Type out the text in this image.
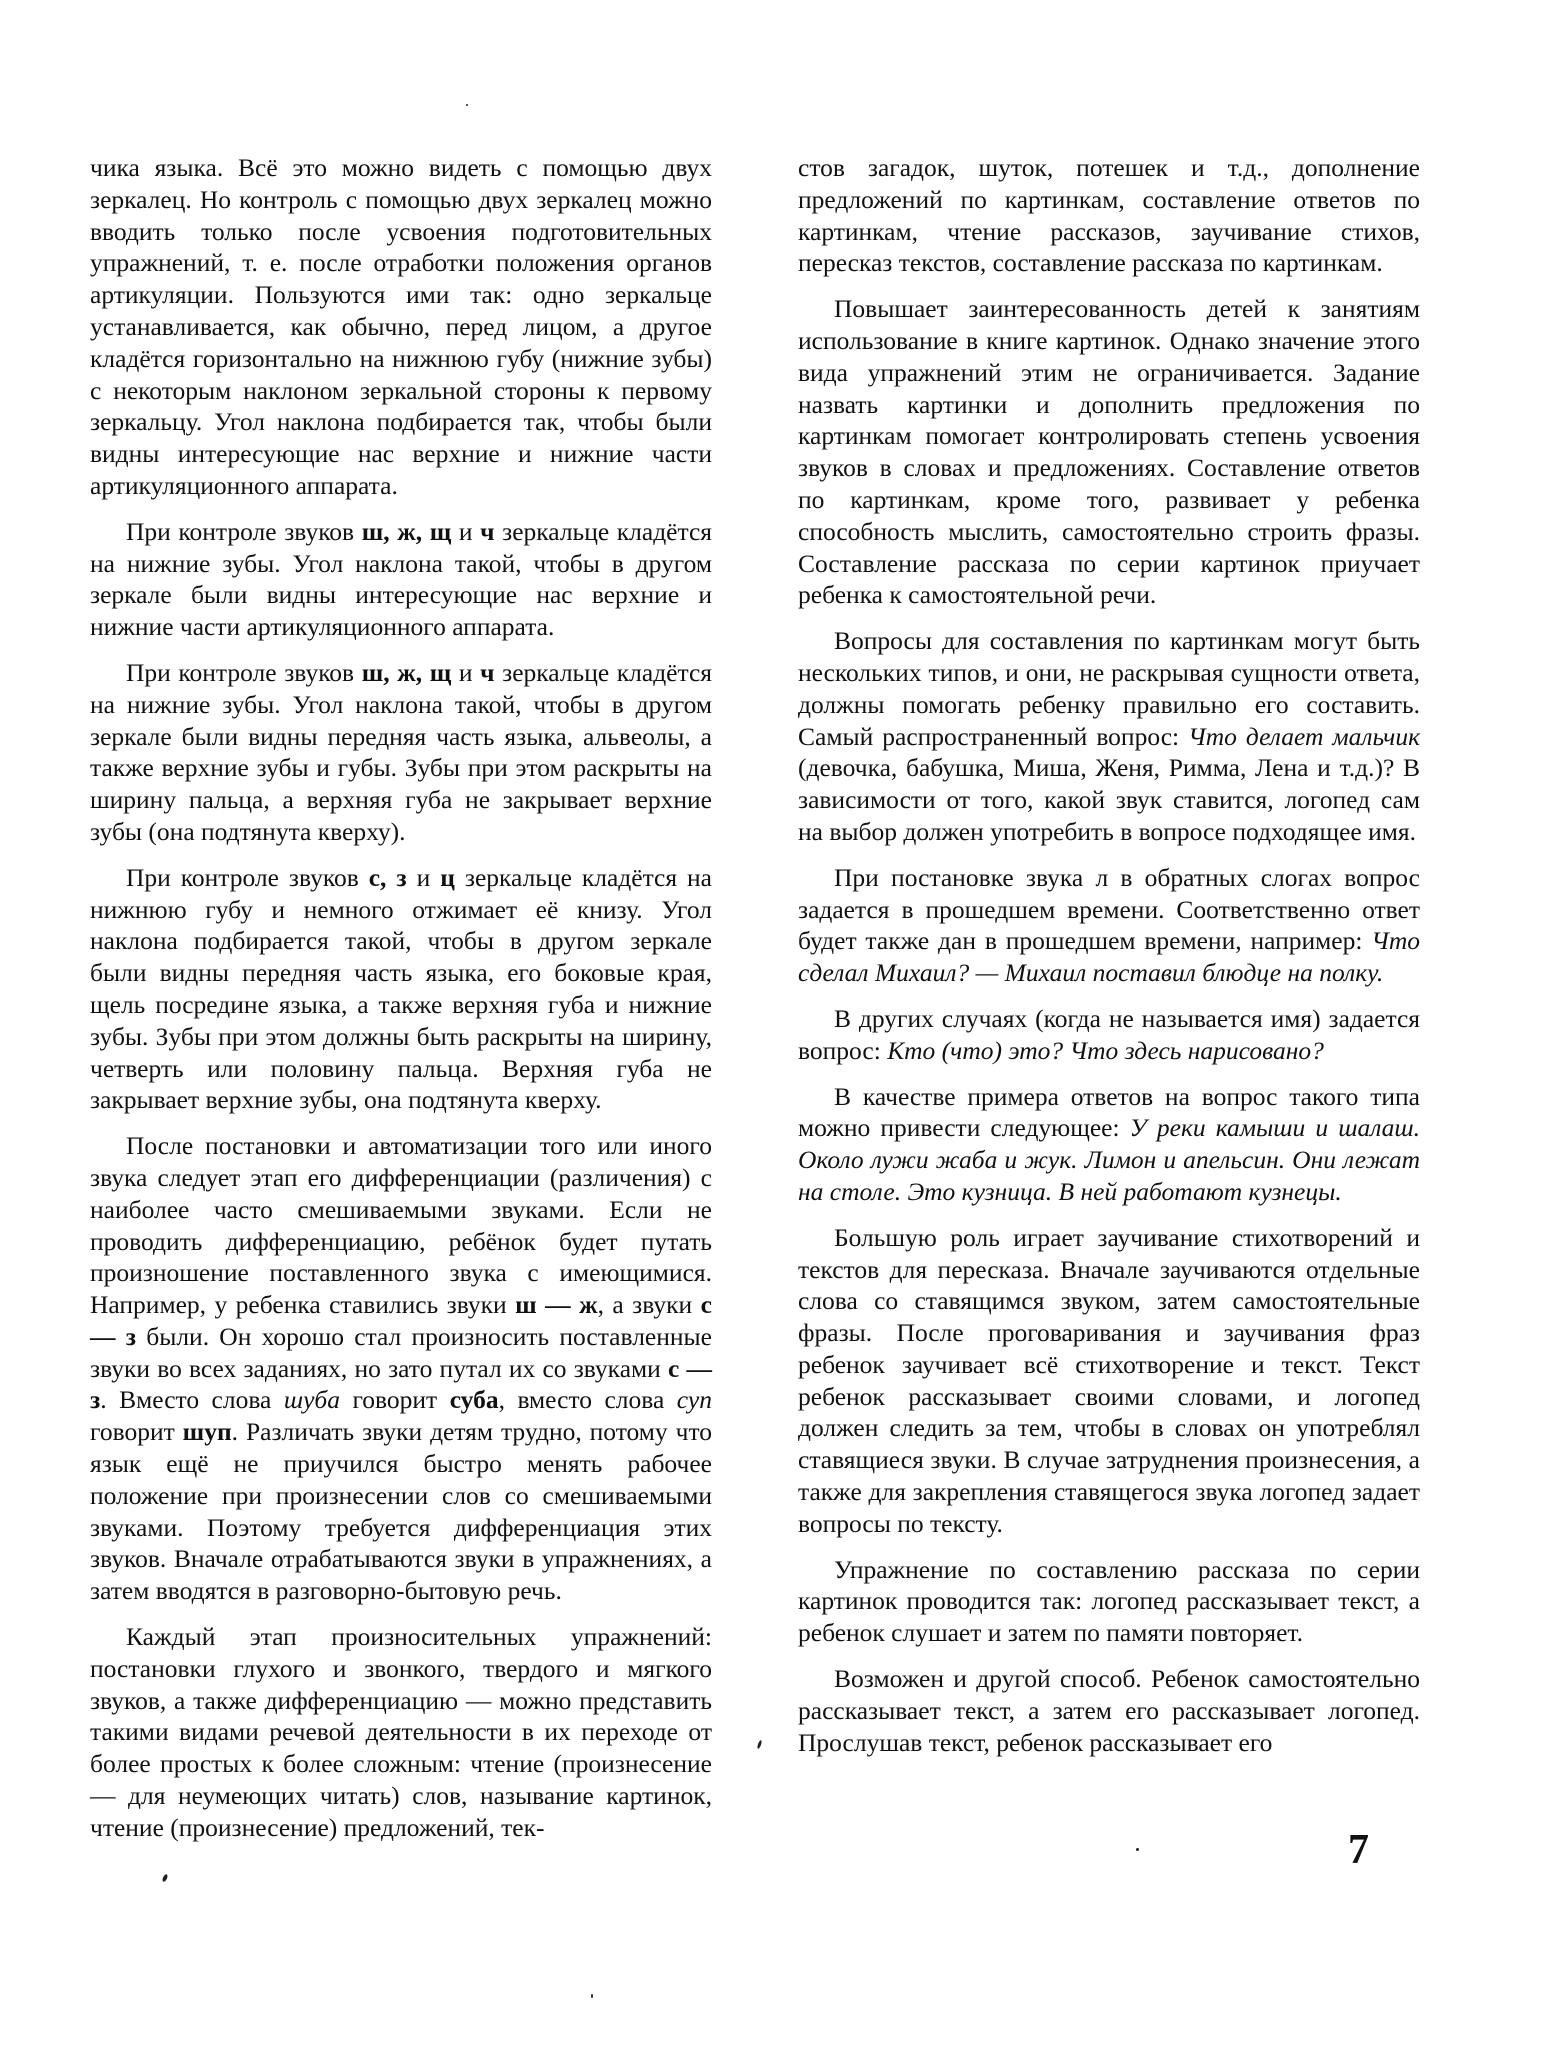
чика языка. Всё это можно видеть с помощью двух зеркалец. Но контроль с помощью двух зеркалец можно вводить только после усвоения подготовительных упражнений, т. е. после отработки положения органов артикуляции. Пользуются ими так: одно зеркальце устанавливается, как обычно, перед лицом, а другое кладётся горизонтально на нижнюю губу (нижние зубы) с некоторым наклоном зеркальной стороны к первому зеркальцу. Угол наклона подбирается так, чтобы были видны интересующие нас верхние и нижние части артикуляционного аппарата.

При контроле звуков ш, ж, щ и ч зеркальце кладётся на нижние зубы. Угол наклона такой, чтобы в другом зеркале были видны интересующие нас верхние и нижние части артикуляционного аппарата.

При контроле звуков ш, ж, щ и ч зеркальце кладётся на нижние зубы. Угол наклона такой, чтобы в другом зеркале были видны передняя часть языка, альвеолы, а также верхние зубы и губы. Зубы при этом раскрыты на ширину пальца, а верхняя губа не закрывает верхние зубы (она подтянута кверху).

При контроле звуков с, з и ц зеркальце кладётся на нижнюю губу и немного отжимает её книзу. Угол наклона подбирается такой, чтобы в другом зеркале были видны передняя часть языка, его боковые края, щель посредине языка, а также верхняя губа и нижние зубы. Зубы при этом должны быть раскрыты на ширину, четверть или половину пальца. Верхняя губа не закрывает верхние зубы, она подтянута кверху.

После постановки и автоматизации того или иного звука следует этап его дифференциации (различения) с наиболее часто смешиваемыми звуками. Если не проводить дифференциацию, ребёнок будет путать произношение поставленного звука с имеющимися. Например, у ребенка ставились звуки ш — ж, а звуки с — з были. Он хорошо стал произносить поставленные звуки во всех заданиях, но зато путал их со звуками с — з. Вместо слова шуба говорит суба, вместо слова суп говорит шуп. Различать звуки детям трудно, потому что язык ещё не приучился быстро менять рабочее положение при произнесении слов со смешиваемыми звуками. Поэтому требуется дифференциация этих звуков. Вначале отрабатываются звуки в упражнениях, а затем вводятся в разговорно-бытовую речь.

Каждый этап произносительных упражнений: постановки глухого и звонкого, твердого и мягкого звуков, а также дифференциацию — можно представить такими видами речевой деятельности в их переходе от более простых к более сложным: чтение (произнесение — для неумеющих читать) слов, называние картинок, чтение (произнесение) предложений, тек-

стов загадок, шуток, потешек и т.д., дополнение предложений по картинкам, составление ответов по картинкам, чтение рассказов, заучивание стихов, пересказ текстов, составление рассказа по картинкам.

Повышает заинтересованность детей к занятиям использование в книге картинок. Однако значение этого вида упражнений этим не ограничивается. Задание назвать картинки и дополнить предложения по картинкам помогает контролировать степень усвоения звуков в словах и предложениях. Составление ответов по картинкам, кроме того, развивает у ребенка способность мыслить, самостоятельно строить фразы. Составление рассказа по серии картинок приучает ребенка к самостоятельной речи.

Вопросы для составления по картинкам могут быть нескольких типов, и они, не раскрывая сущности ответа, должны помогать ребенку правильно его составить. Самый распространенный вопрос: Что делает мальчик (девочка, бабушка, Миша, Женя, Римма, Лена и т.д.)? В зависимости от того, какой звук ставится, логопед сам на выбор должен употребить в вопросе подходящее имя.

При постановке звука л в обратных слогах вопрос задается в прошедшем времени. Соответственно ответ будет также дан в прошедшем времени, например: Что сделал Михаил? — Михаил поставил блюдце на полку.

В других случаях (когда не называется имя) задается вопрос: Кто (что) это? Что здесь нарисовано?

В качестве примера ответов на вопрос такого типа можно привести следующее: У реки камыши и шалаш. Около лужи жаба и жук. Лимон и апельсин. Они лежат на столе. Это кузница. В ней работают кузнецы.

Большую роль играет заучивание стихотворений и текстов для пересказа. Вначале заучиваются отдельные слова со ставящимся звуком, затем самостоятельные фразы. После проговаривания и заучивания фраз ребенок заучивает всё стихотворение и текст. Текст ребенок рассказывает своими словами, и логопед должен следить за тем, чтобы в словах он употреблял ставящиеся звуки. В случае затруднения произнесения, а также для закрепления ставящегося звука логопед задает вопросы по тексту.

Упражнение по составлению рассказа по серии картинок проводится так: логопед рассказывает текст, а ребенок слушает и затем по памяти повторяет.

Возможен и другой способ. Ребенок самостоятельно рассказывает текст, а затем его рассказывает логопед. Прослушав текст, ребенок рассказывает его

7
